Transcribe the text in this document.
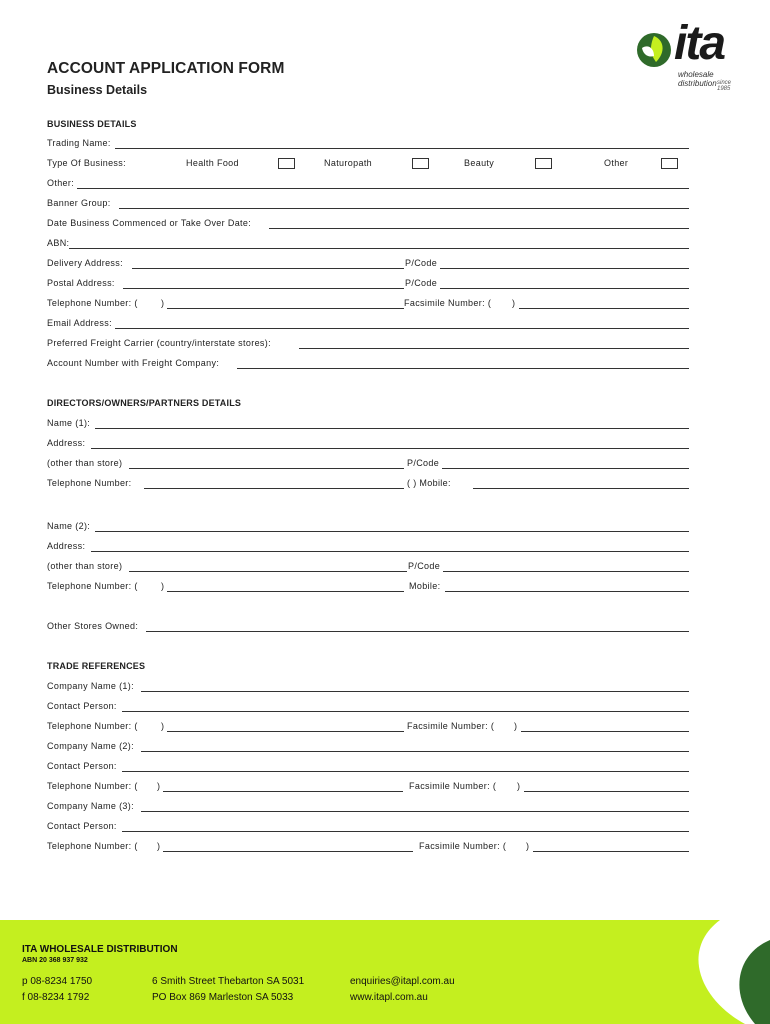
ACCOUNT APPLICATION FORM
Business Details
ita
wholesale distribution since 1985
BUSINESS DETAILS
Trading Name:
Type Of Business:	Health Food	Naturopath	Beauty	Other
Other:
Banner Group:
Date Business Commenced or Take Over Date:
ABN:
Delivery Address:	P/Code
Postal Address:	P/Code
Telephone Number: (	)	Facsimile Number: ( )
Email Address:
Preferred Freight Carrier (country/interstate stores):
Account Number with Freight Company:
DIRECTORS/OWNERS/PARTNERS DETAILS
Name (1):
Address:
(other than store)	P/Code
Telephone Number:	( ) Mobile:
Name (2):
Address:
(other than store)	P/Code
Telephone Number: (	)	Mobile:
Other Stores Owned:
TRADE REFERENCES
Company Name (1):
Contact Person:
Telephone Number: (	)	Facsimile Number: ( )
Company Name (2):
Contact Person:
Telephone Number: ( )	Facsimile Number: ( )
Company Name (3):
Contact Person:
Telephone Number: ( )	Facsimile Number: ( )
ITA WHOLESALE DISTRIBUTION
ABN 20 368 937 932
p 08-8234 1750
f 08-8234 1792
6 Smith Street Thebarton SA 5031
PO Box 869 Marleston SA 5033
enquiries@itapl.com.au
www.itapl.com.au
